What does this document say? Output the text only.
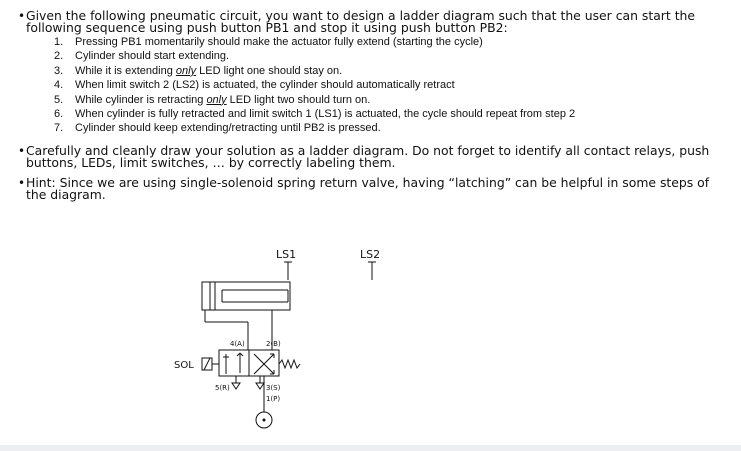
• Given the following pneumatic circuit, you want to design a ladder diagram such that the user can start the following sequence using push button PB1 and stop it using push button PB2:
1. Pressing PB1 momentarily should make the actuator fully extend (starting the cycle)
2. Cylinder should start extending.
3. While it is extending only LED light one should stay on.
4. When limit switch 2 (LS2) is actuated, the cylinder should automatically retract
5. While cylinder is retracting only LED light two should turn on.
6. When cylinder is fully retracted and limit switch 1 (LS1) is actuated, the cycle should repeat from step 2
7. Cylinder should keep extending/retracting until PB2 is pressed.
• Carefully and cleanly draw your solution as a ladder diagram. Do not forget to identify all contact relays, push buttons, LEDs, limit switches, … by correctly labeling them.
• Hint: Since we are using single-solenoid spring return valve, having “latching” can be helpful in some steps of the diagram.
LS1	LS2
SOL
4(A)	2(B)
5(R)	3(S)
1(P)
